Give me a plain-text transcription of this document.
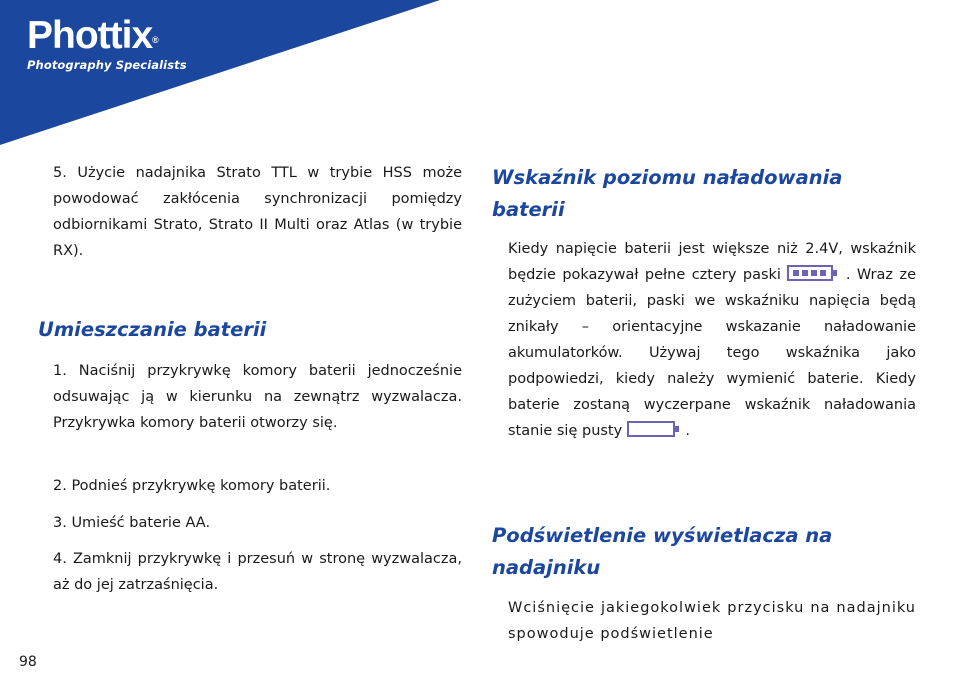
Phottix®
Photography Specialists

5. Użycie nadajnika Strato TTL w trybie HSS może powodować zakłócenia synchronizacji pomiędzy odbiornikami Strato, Strato II Multi oraz Atlas (w trybie RX).

Umieszczanie baterii

1. Naciśnij przykrywkę komory baterii jednocześnie odsuwając ją w kierunku na zewnątrz wyzwalacza. Przykrywka komory baterii otworzy się.

2. Podnieś przykrywkę komory baterii.

3. Umieść baterie AA.

4. Zamknij przykrywkę i przesuń w stronę wyzwalacza, aż do jej zatrzaśnięcia.

Wskaźnik poziomu naładowania baterii

Kiedy napięcie baterii jest większe niż 2.4V, wskaźnik będzie pokazywał pełne cztery paski	. Wraz ze zużyciem baterii, paski we wskaźniku napięcia będą znikały – orientacyjne wskazanie naładowanie akumulatorków. Używaj tego wskaźnika jako podpowiedzi, kiedy należy wymienić baterie. Kiedy baterie zostaną wyczerpane wskaźnik naładowania stanie się pusty	.

Podświetlenie wyświetlacza na nadajniku

Wciśnięcie jakiegokolwiek przycisku na nadajniku spowoduje podświetlenie

98
